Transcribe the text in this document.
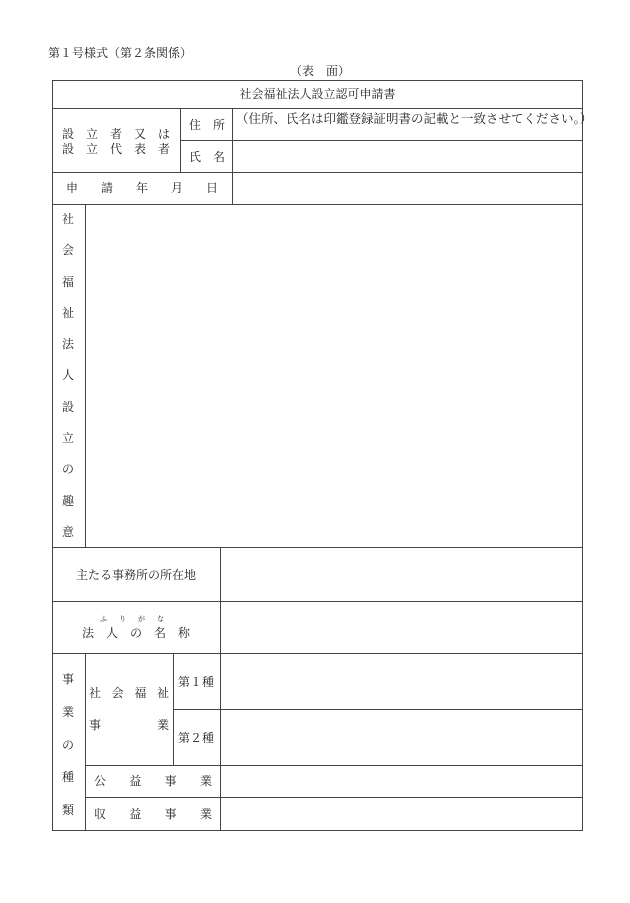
第１号様式（第２条関係）
（表　面）
社会福祉法人設立認可申請書
設 立 者 又 は
設 立 代 表 者
住 所 （住所、氏名は印鑑登録証明書の記載と一致させてください。）
氏 名
申 請 年 月 日
社
会
福
祉
法
人
設
立
の
趣
意
主たる事務所の所在地
ふ り が な
法 人 の 名 称
事
業
の
種
類
社 会 福 祉
事	業
第１種
第２種
公 益 事 業
収 益 事 業
